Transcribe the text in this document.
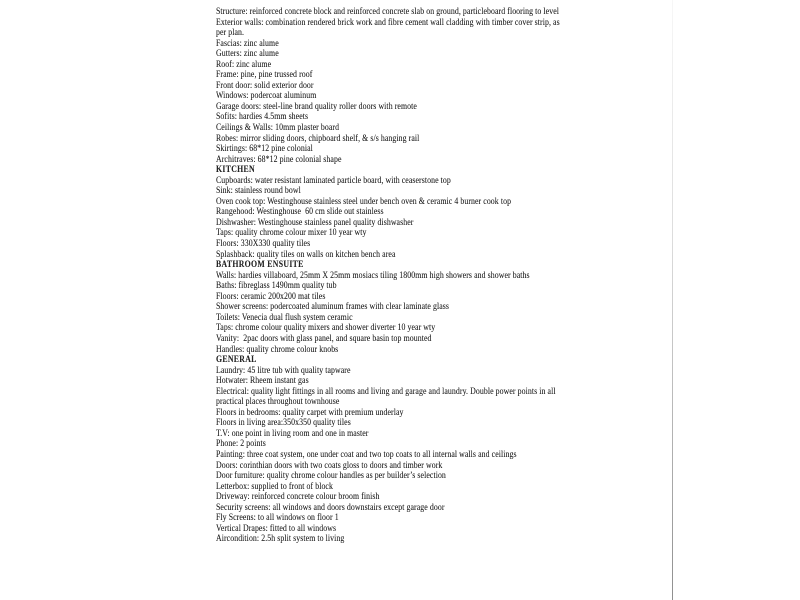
Structure: reinforced concrete block and reinforced concrete slab on ground, particleboard flooring to level
Exterior walls: combination rendered brick work and fibre cement wall cladding with timber cover strip, as
per plan.
Fascias: zinc alume
Gutters: zinc alume
Roof: zinc alume
Frame: pine, pine trussed roof
Front door: solid exterior door
Windows: podercoat aluminum
Garage doors: steel-line brand quality roller doors with remote
Sofits: hardies 4.5mm sheets
Ceilings & Walls: 10mm plaster board
Robes: mirror sliding doors, chipboard shelf, & s/s hanging rail
Skirtings: 68*12 pine colonial
Architraves: 68*12 pine colonial shape
KITCHEN
Cupboards: water resistant laminated particle board, with ceaserstone top
Sink: stainless round bowl
Oven cook top: Westinghouse stainless steel under bench oven & ceramic 4 burner cook top
Rangehood: Westinghouse  60 cm slide out stainless
Dishwasher: Westinghouse stainless panel quality dishwasher
Taps: quality chrome colour mixer 10 year wty
Floors: 330X330 quality tiles
Splashback: quality tiles on walls on kitchen bench area
BATHROOM ENSUITE
Walls: hardies villaboard, 25mm X 25mm mosiacs tiling 1800mm high showers and shower baths
Baths: fibreglass 1490mm quality tub
Floors: ceramic 200x200 mat tiles
Shower screens: podercoated aluminum frames with clear laminate glass
Toilets: Venecia dual flush system ceramic
Taps: chrome colour quality mixers and shower diverter 10 year wty
Vanity:  2pac doors with glass panel, and square basin top mounted
Handles: quality chrome colour knobs
GENERAL
Laundry: 45 litre tub with quality tapware
Hotwater: Rheem instant gas
Electrical: quality light fittings in all rooms and living and garage and laundry. Double power points in all
practical places throughout townhouse
Floors in bedrooms: quality carpet with premium underlay
Floors in living area:350x350 quality tiles
T.V: one point in living room and one in master
Phone: 2 points
Painting: three coat system, one under coat and two top coats to all internal walls and ceilings
Doors: corinthian doors with two coats gloss to doors and timber work
Door furniture: quality chrome colour handles as per builder’s selection
Letterbox: supplied to front of block
Driveway: reinforced concrete colour broom finish
Security screens: all windows and doors downstairs except garage door
Fly Screens: to all windows on floor 1
Vertical Drapes: fitted to all windows
Aircondition: 2.5h split system to living
